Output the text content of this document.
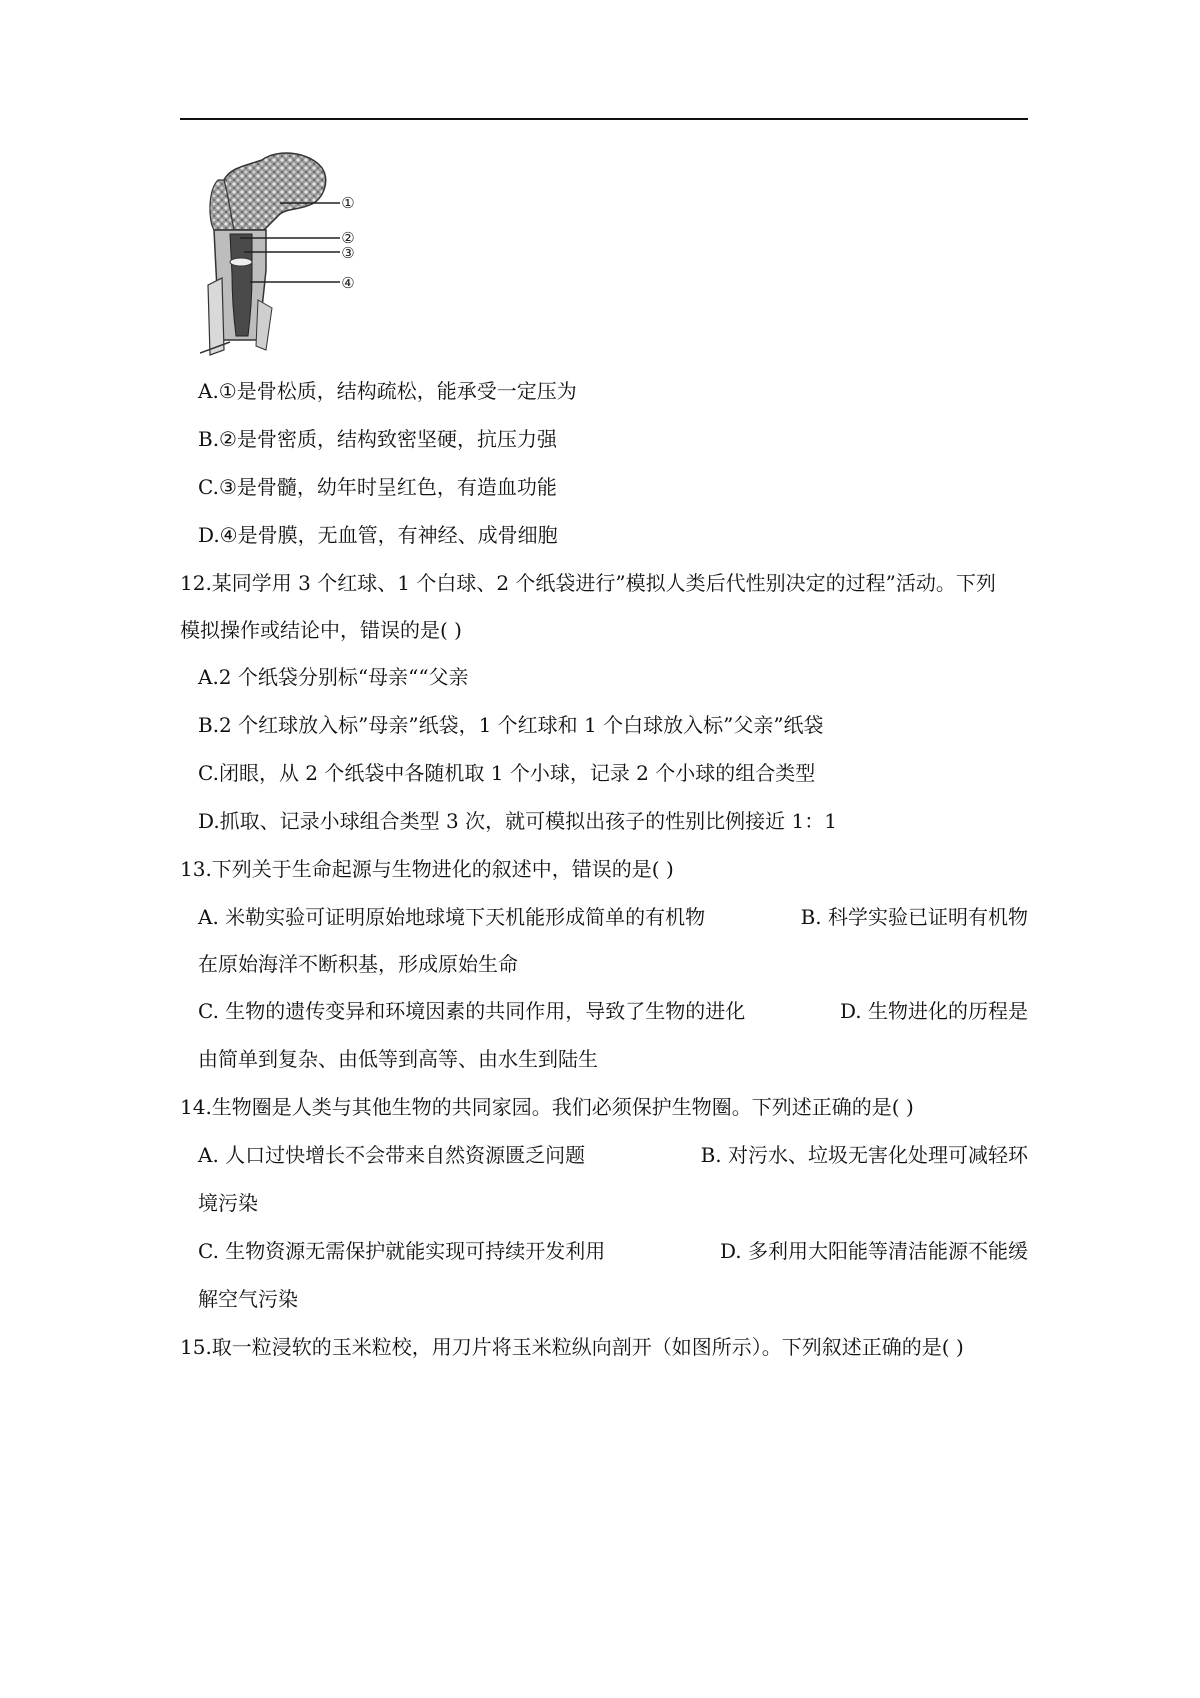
①
②
③
④
A.①是骨松质，结构疏松，能承受一定压为
B.②是骨密质，结构致密坚硬，抗压力强
C.③是骨髓，幼年时呈红色，有造血功能
D.④是骨膜，无血管，有神经、成骨细胞
12.某同学用 3 个红球、1 个白球、2 个纸袋进行”模拟人类后代性别决定的过程”活动。下列
模拟操作或结论中，错误的是( )
A.2 个纸袋分别标“母亲““父亲
B.2 个红球放入标”母亲”纸袋，1 个红球和 1 个白球放入标”父亲”纸袋
C.闭眼，从 2 个纸袋中各随机取 1 个小球，记录 2 个小球的组合类型
D.抓取、记录小球组合类型 3 次，就可模拟出孩子的性别比例接近 1：1
13.下列关于生命起源与生物进化的叙述中，错误的是( )
A. 米勒实验可证明原始地球境下天机能形成简单的有机物	B. 科学实验已证明有机物
在原始海洋不断积基，形成原始生命
C. 生物的遗传变异和环境因素的共同作用，导致了生物的进化	D. 生物进化的历程是
由简单到复杂、由低等到高等、由水生到陆生
14.生物圈是人类与其他生物的共同家园。我们必须保护生物圈。下列述正确的是( )
A. 人口过快增长不会带来自然资源匮乏问题	B. 对污水、垃圾无害化处理可减轻环
境污染
C. 生物资源无需保护就能实现可持续开发利用	D. 多利用大阳能等清洁能源不能缓
解空气污染
15.取一粒浸软的玉米粒校，用刀片将玉米粒纵向剖开（如图所示）。下列叙述正确的是( )
